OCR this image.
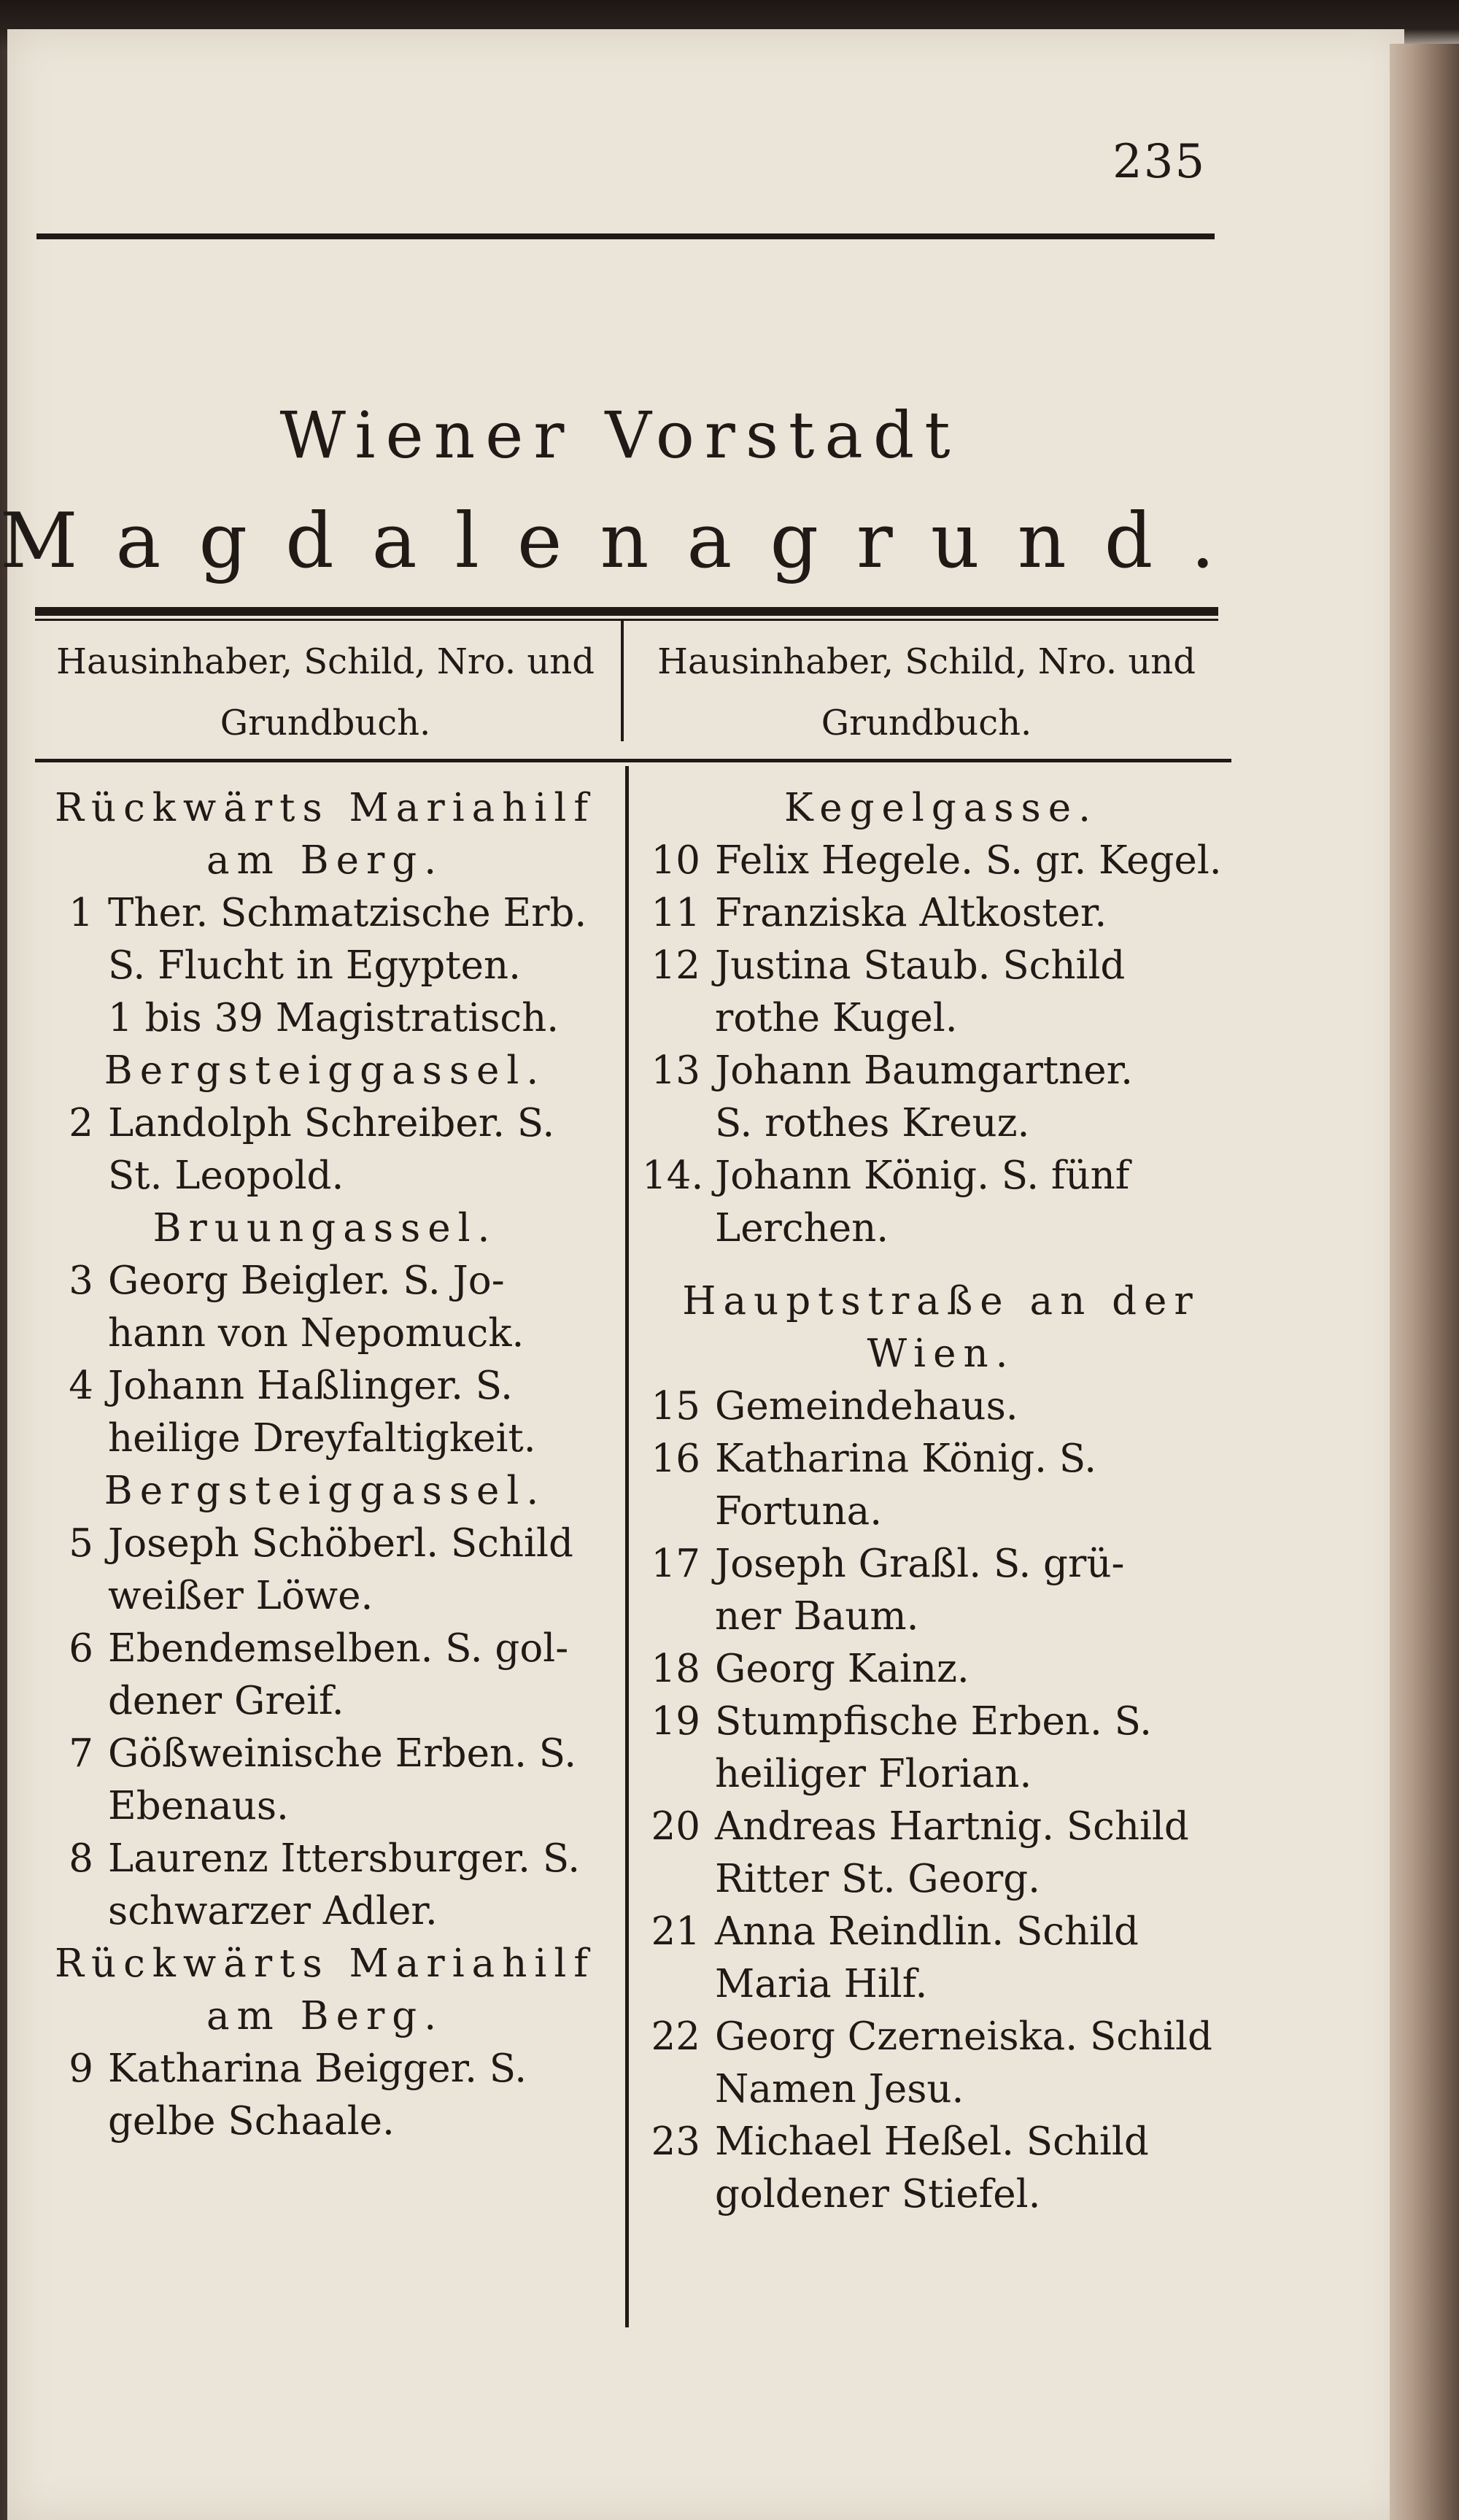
235
Wiener Vorstadt
Magdalenagrund.
Hausinhaber, Schild, Nro. und
Grundbuch.
Hausinhaber, Schild, Nro. und
Grundbuch.
Rückwärts Mariahilf
am Berg.
1 Ther. Schmatzische Erb.
S. Flucht in Egypten.
1 bis 39 Magistratisch.
Bergsteiggassel.
2 Landolph Schreiber. S.
St. Leopold.
Bruungassel.
3 Georg Beigler. S. Jo-
hann von Nepomuck.
4 Johann Haßlinger. S.
heilige Dreyfaltigkeit.
Bergsteiggassel.
5 Joseph Schöberl. Schild
weißer Löwe.
6 Ebendemselben. S. gol-
dener Greif.
7 Gößweinische Erben. S.
Ebenaus.
8 Laurenz Ittersburger. S.
schwarzer Adler.
Rückwärts Mariahilf
am Berg.
9 Katharina Beigger. S.
gelbe Schaale.
Kegelgasse.
10 Felix Hegele. S. gr. Kegel.
11 Franziska Altkoster.
12 Justina Staub. Schild
rothe Kugel.
13 Johann Baumgartner.
S. rothes Kreuz.
14. Johann König. S. fünf
Lerchen.
Hauptstraße an der
Wien.
15 Gemeindehaus.
16 Katharina König. S.
Fortuna.
17 Joseph Graßl. S. grü-
ner Baum.
18 Georg Kainz.
19 Stumpfische Erben. S.
heiliger Florian.
20 Andreas Hartnig. Schild
Ritter St. Georg.
21 Anna Reindlin. Schild
Maria Hilf.
22 Georg Czerneiska. Schild
Namen Jesu.
23 Michael Heßel. Schild
goldener Stiefel.
